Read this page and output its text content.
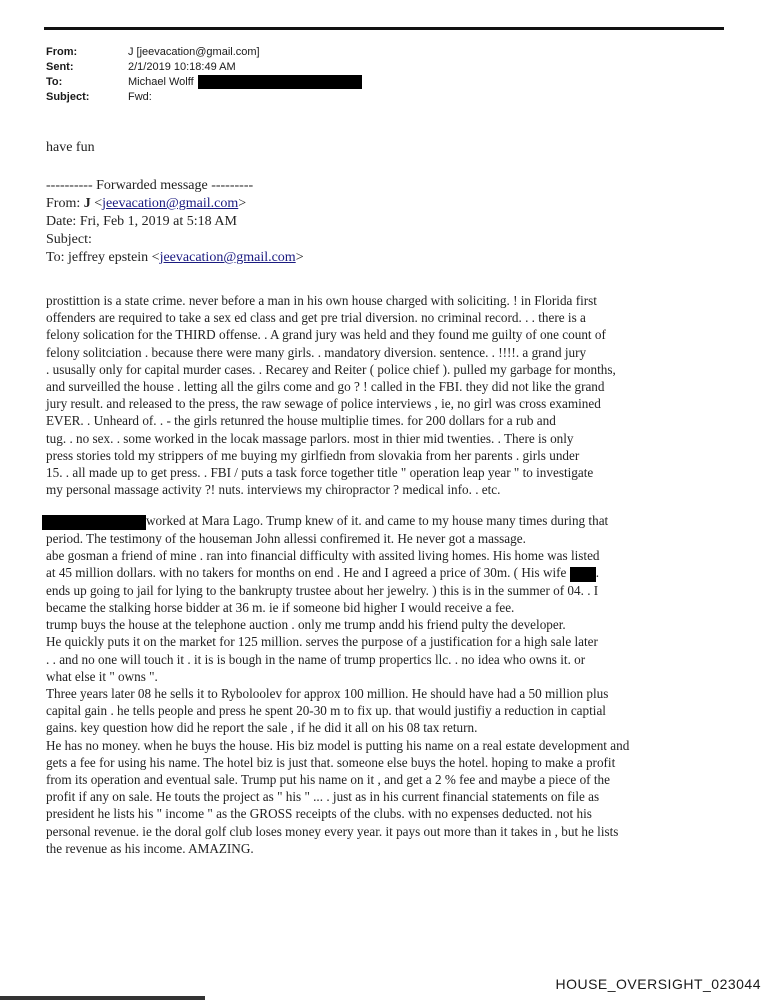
From:	J [jeevacation@gmail.com]
Sent:	2/1/2019 10:18:49 AM
To:	Michael Wolff
Subject:	Fwd:
have fun
---------- Forwarded message ---------
From: J <jeevacation@gmail.com>
Date: Fri, Feb 1, 2019 at 5:18 AM
Subject:
To: jeffrey epstein <jeevacation@gmail.com>

prostittion is a state crime. never before a man in his own house charged with soliciting. ! in Florida first
offenders are required to take a sex ed class and get pre trial diversion. no criminal record. . . there is a
felony solication for the THIRD offense. . A grand jury was held and they found me guilty of one count of
felony solitciation . because there were many girls. . mandatory diversion. sentence. . !!!!. a grand jury
. ususally only for capital murder cases. . Recarey and Reiter ( police chief ). pulled my garbage for months,
and surveilled the house . letting all the gilrs come and go ? ! called in the FBI. they did not like the grand
jury result. and released to the press, the raw sewage of police interviews , ie, no girl was cross examined
EVER. . Unheard of. . - the girls retunred the house multiplie times. for 200 dollars for a rub and
tug. . no sex. . some worked in the locak massage parlors. most in thier mid twenties. . There is only
press stories told my strippers of me buying my girlfiedn from slovakia from her parents . girls under
15. . all made up to get press. . FBI / puts a task force together title " operation leap year " to investigate
my personal massage activity ?! nuts. interviews my chiropractor ? medical info. . etc.

worked at Mara Lago. Trump knew of it. and came to my house many times during that
period. The testimony of the houseman John allessi confiremed it. He never got a massage.
abe gosman a friend of mine . ran into financial difficulty with assited living homes. His home was listed
at 45 million dollars. with no takers for months on end . He and I agreed a price of 30m. ( His wife .
ends up going to jail for lying to the bankrupty trustee about her jewelry. ) this is in the summer of 04. . I
became the stalking horse bidder at 36 m. ie if someone bid higher I would receive a fee.
trump buys the house at the telephone auction . only me trump andd his friend pulty the developer.
He quickly puts it on the market for 125 million. serves the purpose of a justification for a high sale later
. . and no one will touch it . it is is bough in the name of trump propertics llc. . no idea who owns it. or
what else it " owns ".
Three years later 08 he sells it to Ryboloolev for approx 100 million. He should have had a 50 million plus
capital gain . he tells people and press he spent 20-30 m to fix up. that would justifiy a reduction in captial
gains. key question how did he report the sale , if he did it all on his 08 tax return.
He has no money. when he buys the house. His biz model is putting his name on a real estate development and
gets a fee for using his name. The hotel biz is just that. someone else buys the hotel. hoping to make a profit
from its operation and eventual sale. Trump put his name on it , and get a 2 % fee and maybe a piece of the
profit if any on sale. He touts the project as " his " ... . just as in his current financial statements on file as
president he lists his " income " as the GROSS receipts of the clubs. with no expenses deducted. not his
personal revenue. ie the doral golf club loses money every year. it pays out more than it takes in , but he lists
the revenue as his income. AMAZING.

HOUSE_OVERSIGHT_023044
